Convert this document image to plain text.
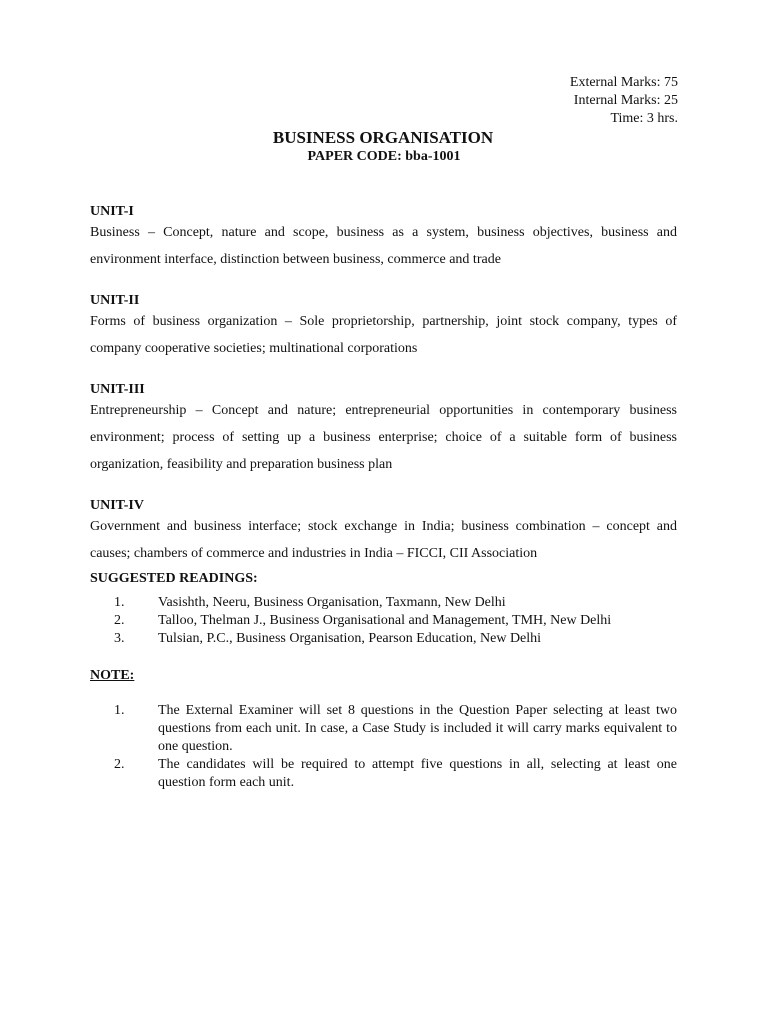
External Marks: 75
Internal Marks: 25
Time: 3 hrs.
BUSINESS ORGANISATION
PAPER CODE: bba-1001
UNIT-I
Business – Concept, nature and scope, business as a system, business objectives, business and environment interface, distinction between business, commerce and trade
UNIT-II
Forms of business organization – Sole proprietorship, partnership, joint stock company, types of company cooperative societies; multinational corporations
UNIT-III
Entrepreneurship – Concept and nature; entrepreneurial opportunities in contemporary business environment; process of setting up a business enterprise; choice of a suitable form of business organization, feasibility and preparation business plan
UNIT-IV
Government and business interface; stock exchange in India; business combination – concept and causes; chambers of commerce and industries in India – FICCI, CII Association
SUGGESTED READINGS:
1.	Vasishth, Neeru, Business Organisation, Taxmann, New Delhi
2.	Talloo, Thelman J., Business Organisational and Management, TMH, New Delhi
3.	Tulsian, P.C., Business Organisation, Pearson Education, New Delhi
NOTE:
1.	The External Examiner will set 8 questions in the Question Paper selecting at least two questions from each unit. In case, a Case Study is included it will carry marks equivalent to one question.
2.	The candidates will be required to attempt five questions in all, selecting at least one question form each unit.
